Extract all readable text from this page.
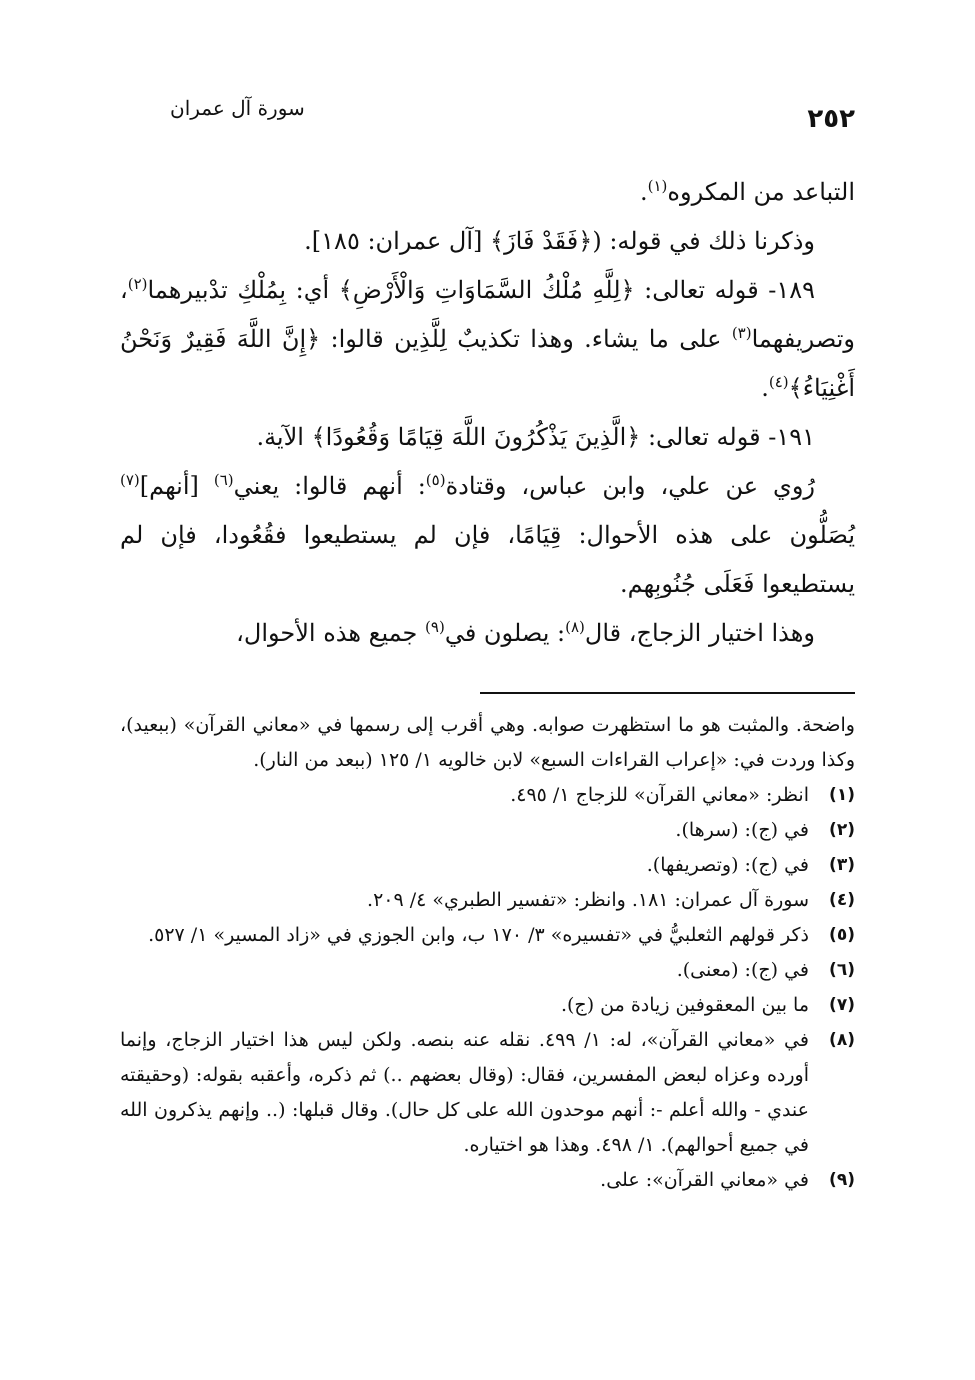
٢٥٢
سورة آل عمران

التباعد من المكروه$^{(١)}$.

وذكرنا ذلك في قوله: (﴿فَقَدْ فَازَ﴾ [آل عمران: ١٨٥].

١٨٩- قوله تعالى: ﴿لِلَّهِ مُلْكُ السَّمَاوَاتِ وَالْأَرْضِ﴾ أي: بِمُلْكِ تدْبيرهما$^{(٢)}$، وتصريفهما$^{(٣)}$ على ما يشاء. وهذا تكذيبٌ لِلَّذِين قالوا: ﴿إِنَّ اللَّهَ فَقِيرٌ وَنَحْنُ أَغْنِيَاءُ﴾$^{(٤)}$.

١٩١- قوله تعالى: ﴿الَّذِينَ يَذْكُرُونَ اللَّهَ قِيَامًا وَقُعُودًا﴾ الآية.

رُوي عن علي، وابن عباس، وقتادة$^{(٥)}$: أنهم قالوا: يعني$^{(٦)}$ [أنهم]$^{(٧)}$ يُصَلُّون على هذه الأحوال: قِيَامًا، فإن لم يستطيعوا فقُعُودا، فإن لم يستطيعوا فَعَلَى جُنُوبِهم.

وهذا اختيار الزجاج، قال$^{(٨)}$: يصلون في$^{(٩)}$ جميع هذه الأحوال،

واضحة. والمثبت هو ما استظهرت صوابه. وهي أقرب إلى رسمها في «معاني القرآن» (ببعيد)، وكذا وردت في: «إعراب القراءات السبع» لابن خالويه ١/ ١٢٥ (ببعد من النار).

(١)
انظر: «معاني القرآن» للزجاج ١/ ٤٩٥.
(٢)
في (ج): (سرها).
(٣)
في (ج): (وتصريفها).
(٤)
سورة آل عمران: ١٨١. وانظر: «تفسير الطبري» ٤/ ٢٠٩.
(٥)
ذكر قولهم الثعلبيُّ في «تفسيره» ٣/ ١٧٠ ب، وابن الجوزي في «زاد المسير» ١/ ٥٢٧.
(٦)
في (ج): (معنى).
(٧)
ما بين المعقوفين زيادة من (ج).
(٨)
في «معاني القرآن»، له: ١/ ٤٩٩. نقله عنه بنصه. ولكن ليس هذا اختيار الزجاج، وإنما أورده وعزاه لبعض المفسرين، فقال: (وقال بعضهم ..) ثم ذكره، وأعقبه بقوله: (وحقيقته عندي - والله أعلم -: أنهم موحدون الله على كل حال). وقال قبلها: (.. وإنهم يذكرون الله في جميع أحوالهم). ١/ ٤٩٨. وهذا هو اختياره.
(٩)
في «معاني القرآن»: على.
